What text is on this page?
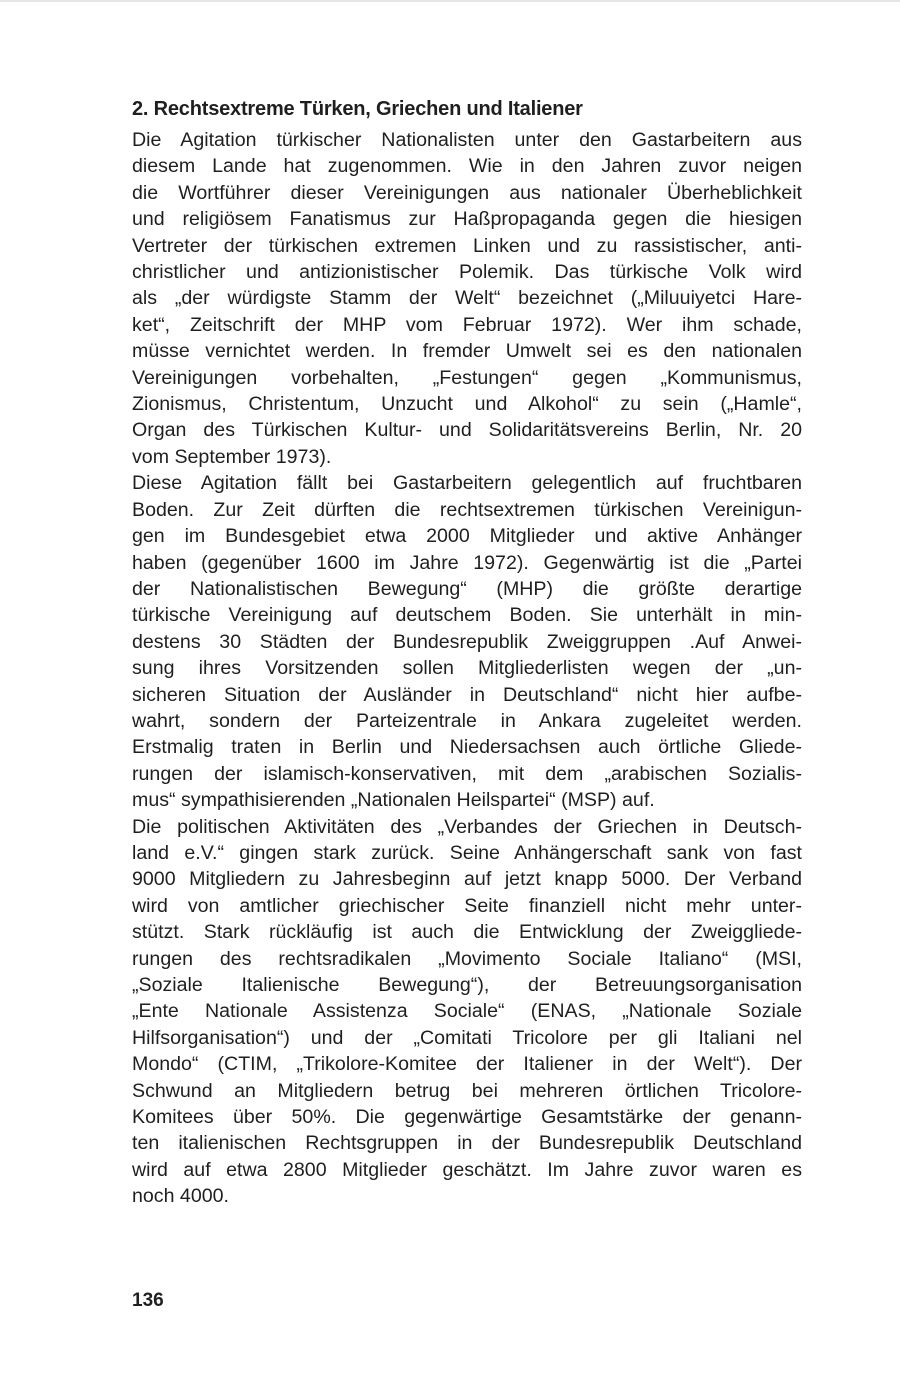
2. Rechtsextreme Türken, Griechen und Italiener

Die Agitation türkischer Nationalisten unter den Gastarbeitern aus
diesem Lande hat zugenommen. Wie in den Jahren zuvor neigen
die Wortführer dieser Vereinigungen aus nationaler Überheblichkeit
und religiösem Fanatismus zur Haßpropaganda gegen die hiesigen
Vertreter der türkischen extremen Linken und zu rassistischer, anti-
christlicher und antizionistischer Polemik. Das türkische Volk wird
als „der würdigste Stamm der Welt“ bezeichnet („Miluuiyetci Hare-
ket“, Zeitschrift der MHP vom Februar 1972). Wer ihm schade,
müsse vernichtet werden. In fremder Umwelt sei es den nationalen
Vereinigungen vorbehalten, „Festungen“ gegen „Kommunismus,
Zionismus, Christentum, Unzucht und Alkohol“ zu sein („Hamle“,
Organ des Türkischen Kultur- und Solidaritätsvereins Berlin, Nr. 20
vom September 1973).

Diese Agitation fällt bei Gastarbeitern gelegentlich auf fruchtbaren
Boden. Zur Zeit dürften die rechtsextremen türkischen Vereinigun-
gen im Bundesgebiet etwa 2000 Mitglieder und aktive Anhänger
haben (gegenüber 1600 im Jahre 1972). Gegenwärtig ist die „Partei
der Nationalistischen Bewegung“ (MHP) die größte derartige
türkische Vereinigung auf deutschem Boden. Sie unterhält in min-
destens 30 Städten der Bundesrepublik Zweiggruppen .Auf Anwei-
sung ihres Vorsitzenden sollen Mitgliederlisten wegen der „un-
sicheren Situation der Ausländer in Deutschland“ nicht hier aufbe-
wahrt, sondern der Parteizentrale in Ankara zugeleitet werden.
Erstmalig traten in Berlin und Niedersachsen auch örtliche Gliede-
rungen der islamisch-konservativen, mit dem „arabischen Sozialis-
mus“ sympathisierenden „Nationalen Heilspartei“ (MSP) auf.

Die politischen Aktivitäten des „Verbandes der Griechen in Deutsch-
land e.V.“ gingen stark zurück. Seine Anhängerschaft sank von fast
9000 Mitgliedern zu Jahresbeginn auf jetzt knapp 5000. Der Verband
wird von amtlicher griechischer Seite finanziell nicht mehr unter-
stützt. Stark rückläufig ist auch die Entwicklung der Zweiggliede-
rungen des rechtsradikalen „Movimento Sociale Italiano“ (MSI,
„Soziale Italienische Bewegung“), der Betreuungsorganisation
„Ente Nationale Assistenza Sociale“ (ENAS, „Nationale Soziale
Hilfsorganisation“) und der „Comitati Tricolore per gli Italiani nel
Mondo“ (CTIM, „Trikolore-Komitee der Italiener in der Welt“). Der
Schwund an Mitgliedern betrug bei mehreren örtlichen Tricolore-
Komitees über 50%. Die gegenwärtige Gesamtstärke der genann-
ten italienischen Rechtsgruppen in der Bundesrepublik Deutschland
wird auf etwa 2800 Mitglieder geschätzt. Im Jahre zuvor waren es
noch 4000.

136
